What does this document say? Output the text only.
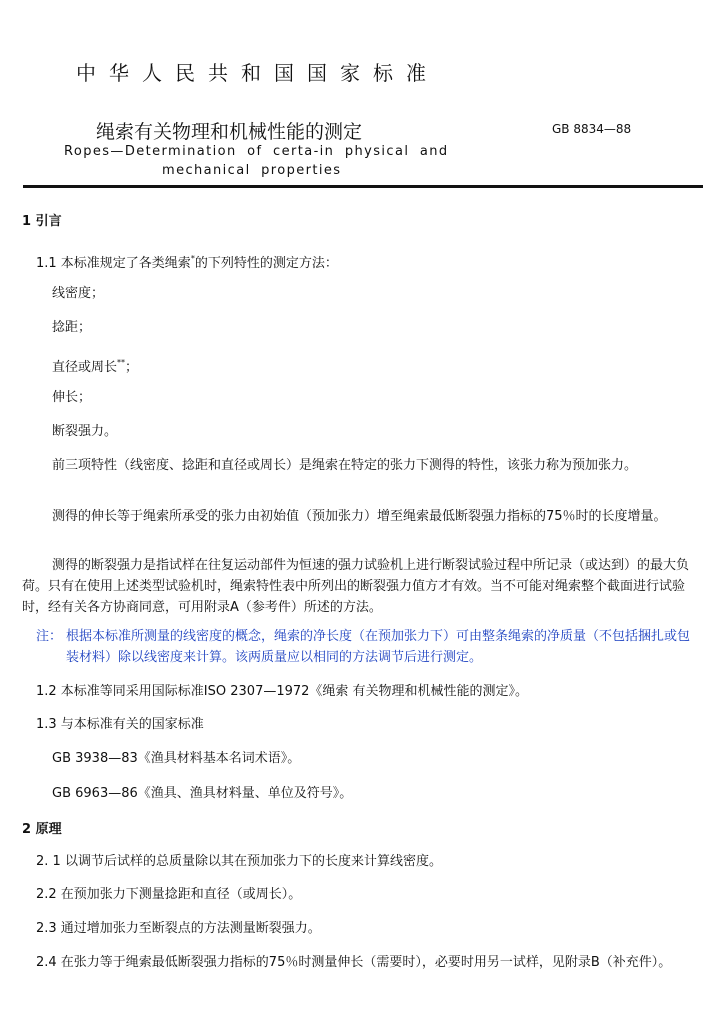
中华人民共和国国家标准
绳索有关物理和机械性能的测定	GB 8834—88
Ropes—Determination of certa-in physical and
mechanical properties
1 引言
1.1 本标准规定了各类绳索*的下列特性的测定方法：
线密度；
捻距；
直径或周长**；
伸长；
断裂强力。
前三项特性（线密度、捻距和直径或周长）是绳索在特定的张力下测得的特性，该张力称为预加张力。
测得的伸长等于绳索所承受的张力由初始值（预加张力）增至绳索最低断裂强力指标的75％时的长度增量。
测得的断裂强力是指试样在往复运动部件为恒速的强力试验机上进行断裂试验过程中所记录（或达到）的最大负荷。只有在使用上述类型试验机时，绳索特性表中所列出的断裂强力值方才有效。当不可能对绳索整个截面进行试验时，经有关各方协商同意，可用附录A（参考件）所述的方法。
注： 根据本标准所测量的线密度的概念，绳索的净长度（在预加张力下）可由整条绳索的净质量（不包括捆扎或包装材料）除以线密度来计算。该两质量应以相同的方法调节后进行测定。
1.2 本标准等同采用国际标准ISO 2307—1972《绳索 有关物理和机械性能的测定》。
1.3 与本标准有关的国家标准
GB 3938—83《渔具材料基本名词术语》。
GB 6963—86《渔具、渔具材料量、单位及符号》。
2 原理
2. 1 以调节后试样的总质量除以其在预加张力下的长度来计算线密度。
2.2 在预加张力下测量捻距和直径（或周长）。
2.3 通过增加张力至断裂点的方法测量断裂强力。
2.4 在张力等于绳索最低断裂强力指标的75％时测量伸长（需要时），必要时用另一试样，见附录B（补充件）。
